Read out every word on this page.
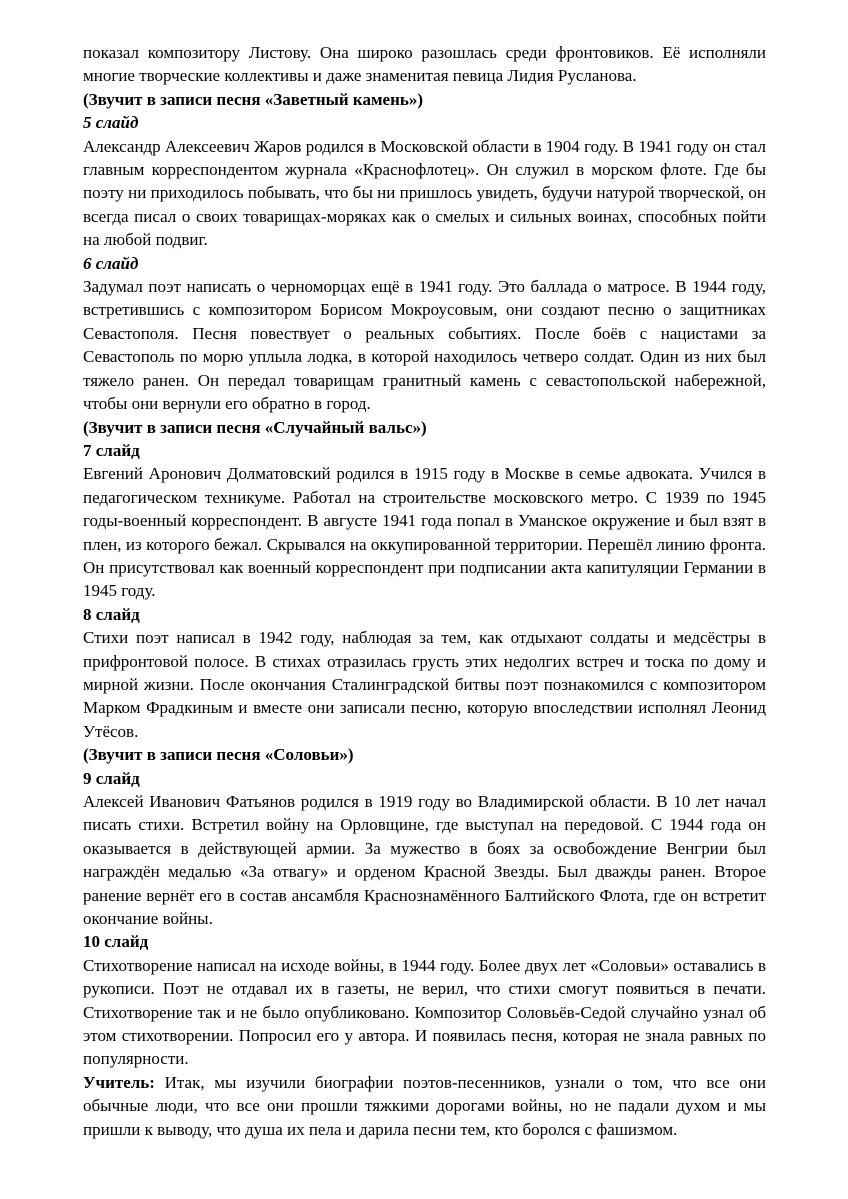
показал композитору Листову. Она широко разошлась среди фронтовиков. Её исполняли многие творческие коллективы и даже знаменитая певица Лидия Русланова.

(Звучит в записи песня «Заветный камень»)

5 слайд

Александр Алексеевич Жаров родился в Московской области в 1904 году. В 1941 году он стал главным корреспондентом журнала «Краснофлотец». Он служил в морском флоте. Где бы поэту ни приходилось побывать, что бы ни пришлось увидеть, будучи натурой творческой, он всегда писал о своих товарищах-моряках как о смелых и сильных воинах, способных пойти на любой подвиг.

6 слайд

Задумал поэт написать о черноморцах ещё в 1941 году. Это баллада о матросе. В 1944 году, встретившись с композитором Борисом Мокроусовым, они создают песню о защитниках Севастополя. Песня повествует о реальных событиях. После боёв с нацистами за Севастополь по морю уплыла лодка, в которой находилось четверо солдат. Один из них был тяжело ранен. Он передал товарищам гранитный камень с севастопольской набережной, чтобы они вернули его обратно в город.

(Звучит в записи песня «Случайный вальс»)

7 слайд

Евгений Аронович Долматовский родился в 1915 году в Москве в семье адвоката. Учился в педагогическом техникуме. Работал на строительстве московского метро. С 1939 по 1945 годы-военный корреспондент. В августе 1941 года попал в Уманское окружение и был взят в плен, из которого бежал. Скрывался на оккупированной территории. Перешёл линию фронта. Он присутствовал как военный корреспондент при подписании акта капитуляции Германии в 1945 году.

8 слайд

Стихи поэт написал в 1942 году, наблюдая за тем, как отдыхают солдаты и медсёстры в прифронтовой полосе. В стихах отразилась грусть этих недолгих встреч и тоска по дому и мирной жизни. После окончания Сталинградской битвы поэт познакомился с композитором Марком Фрадкиным и вместе они записали песню, которую впоследствии исполнял Леонид Утёсов.

(Звучит в записи песня «Соловьи»)

9 слайд

Алексей Иванович Фатьянов родился в 1919 году во Владимирской области. В 10 лет начал писать стихи. Встретил войну на Орловщине, где выступал на передовой. С 1944 года он оказывается в действующей армии. За мужество в боях за освобождение Венгрии был награждён медалью «За отвагу» и орденом Красной Звезды. Был дважды ранен. Второе ранение вернёт его в состав ансамбля Краснознамённого Балтийского Флота, где он встретит окончание войны.

10 слайд

Стихотворение написал на исходе войны, в 1944 году. Более двух лет «Соловьи» оставались в рукописи. Поэт не отдавал их в газеты, не верил, что стихи смогут появиться в печати. Стихотворение так и не было опубликовано. Композитор Соловьёв-Седой случайно узнал об этом стихотворении. Попросил его у автора. И появилась песня, которая не знала равных по популярности.

Учитель: Итак, мы изучили биографии поэтов-песенников, узнали о том, что все они обычные люди, что все они прошли тяжкими дорогами войны, но не падали духом и мы пришли к выводу, что душа их пела и дарила песни тем, кто боролся с фашизмом.
